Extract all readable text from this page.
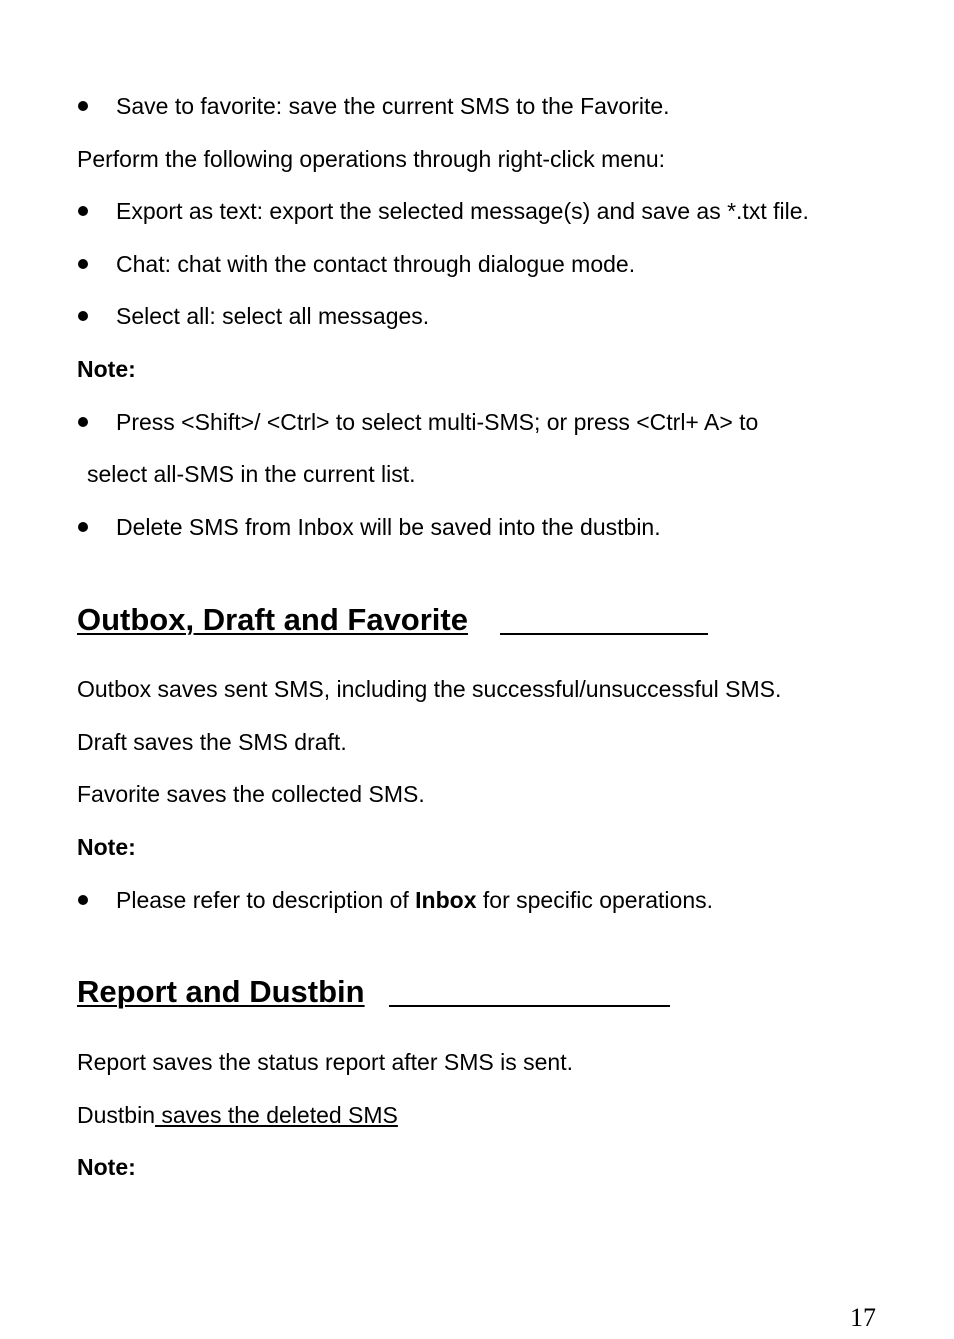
Save to favorite: save the current SMS to the Favorite.
Perform the following operations through right-click menu:
Export as text: export the selected message(s) and save as *.txt file.
Chat: chat with the contact through dialogue mode.
Select all: select all messages.
Note:
Press <Shift>/ <Ctrl> to select multi-SMS; or press <Ctrl+ A> to
select all-SMS in the current list.
Delete SMS from Inbox will be saved into the dustbin.
Outbox, Draft and Favorite
Outbox saves sent SMS, including the successful/unsuccessful SMS.
Draft saves the SMS draft.
Favorite saves the collected SMS.
Note:
Please refer to description of Inbox for specific operations.
Report and Dustbin
Report saves the status report after SMS is sent.
Dustbin saves the deleted SMS
Note:
17
